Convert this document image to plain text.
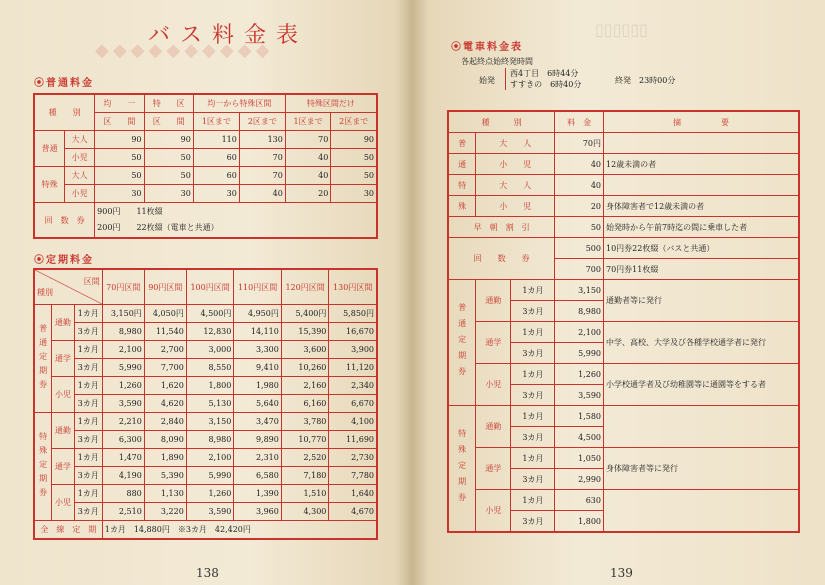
◆◆◆◆◆◆◆◆◆◆
バス料金表
⦿普通料金
種　　別		均　　一	特　　区	均一から特殊区間		特殊区間だけ	
		区　　間	区　　間	1区まで	2区まで	1区まで	2区まで
普通	大人	90	90	110	130	70	90
	小児	50	50	60	70	40	50
特殊	大人	50	50	60	70	40	50
	小児	30	30	30	40	20	30
回　数　券		900円　　11枚綴
200円　　22枚綴（電車と共通）					
⦿定期料金
区間
種別			70円区間	90円区間	100円区間	110円区間	120円区間	130円区間
普通定期券	通勤	1カ月	3,150円	4,050円	4,500円	4,950円	5,400円	5,850円
		3カ月	8,980	11,540	12,830	14,110	15,390	16,670
	通学	1カ月	2,100	2,700	3,000	3,300	3,600	3,900
		3カ月	5,990	7,700	8,550	9,410	10,260	11,120
	小児	1カ月	1,260	1,620	1,800	1,980	2,160	2,340
		3カ月	3,590	4,620	5,130	5,640	6,160	6,670
特殊定期券	通勤	1カ月	2,210	2,840	3,150	3,470	3,780	4,100
		3カ月	6,300	8,090	8,980	9,890	10,770	11,690
	通学	1カ月	1,470	1,890	2,100	2,310	2,520	2,730
		3カ月	4,190	5,390	5,990	6,580	7,180	7,780
	小児	1カ月	880	1,130	1,260	1,390	1,510	1,640
		3カ月	2,510	3,220	3,590	3,960	4,300	4,670
全　線　定　期			1カ月　14,880円　※3カ月　42,420円					
138
▯▯▯▯▯▯
⦿電車料金表
各起終点始終発時間
始発
西4丁目　6時44分
すすきの　6時40分	終発　23時00分
種　　　別			料　金	摘　　　　　要
普	大　　人		70円	
通	小　　児		40	12歳未満の者
特	大　　人		40	
殊	小　　児		20	身体障害者で12歳未満の者
早　朝　割　引			50	始発時から午前7時迄の間に乗車した者
回　　数　　券			500	10円券22枚綴（バスと共通）
			700	70円券11枚綴
普通定期券	通勤	1カ月	3,150	通勤者等に発行
		3カ月	8,980	
	通学	1カ月	2,100	中学、高校、大学及び各種学校通学者に発行
		3カ月	5,990	
	小児	1カ月	1,260	小学校通学者及び幼稚園等に通園等をする者
		3カ月	3,590	
特殊定期券	通勤	1カ月	1,580	
		3カ月	4,500	
	通学	1カ月	1,050	身体障害者等に発行
		3カ月	2,990	
	小児	1カ月	630	
		3カ月	1,800	
139
